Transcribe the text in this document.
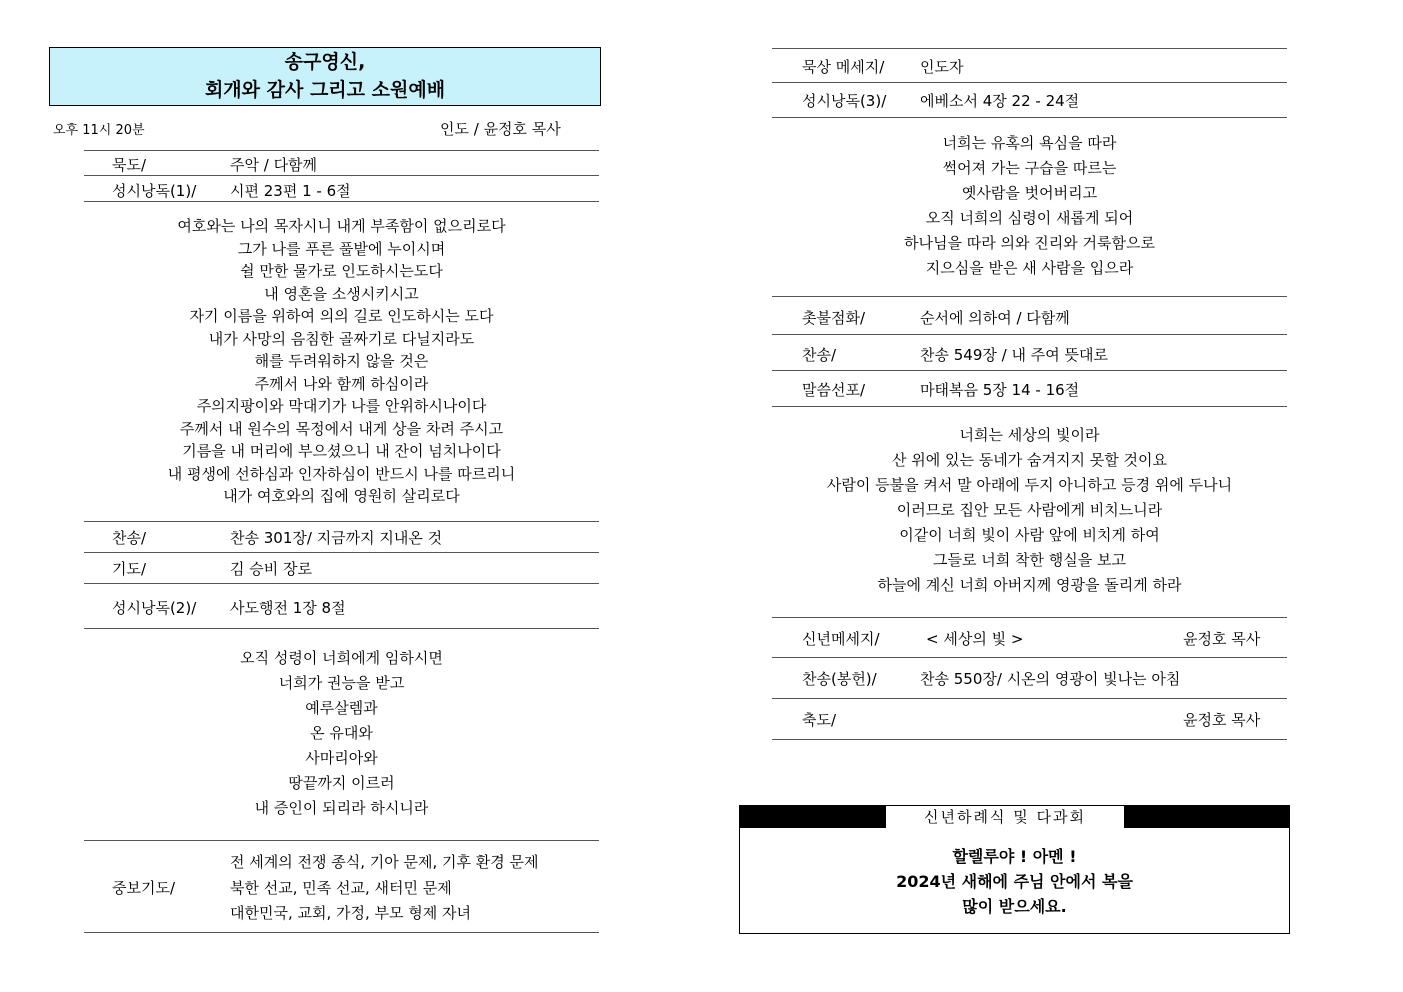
송구영신,
회개와 감사 그리고 소원예배
오후 11시 20분	인도 / 윤정호 목사
묵도/	주악 / 다함께
성시낭독(1)/ 시편 23편 1 - 6절
여호와는 나의 목자시니 내게 부족함이 없으리로다
그가 나를 푸른 풀밭에 누이시며
쉴 만한 물가로 인도하시는도다
내 영혼을 소생시키시고
자기 이름을 위하여 의의 길로 인도하시는 도다
내가 사망의 음침한 골짜기로 다닐지라도
해를 두려워하지 않을 것은
주께서 나와 함께 하심이라
주의지팡이와 막대기가 나를 안위하시나이다
주께서 내 원수의 목정에서 내게 상을 차려 주시고
기름을 내 머리에 부으셨으니 내 잔이 넘치나이다
내 평생에 선하심과 인자하심이 반드시 나를 따르리니
내가 여호와의 집에 영원히 살리로다
찬송/	찬송 301장/ 지금까지 지내온 것
기도/	김 승비 장로
성시낭독(2)/ 사도행전 1장 8절
오직 성령이 너희에게 임하시면
너희가 권능을 받고
예루살렘과
온 유대와
사마리아와
땅끝까지 이르러
내 증인이 되리라 하시니라
중보기도/
전 세계의 전쟁 종식, 기아 문제, 기후 환경 문제
북한 선교, 민족 선교, 새터민 문제
대한민국, 교회, 가정, 부모 형제 자녀
묵상 메세지/ 인도자
성시낭독(3)/ 에베소서 4장 22 - 24절
너희는 유혹의 욕심을 따라
썩어져 가는 구습을 따르는
옛사람을 벗어버리고
오직 너희의 심령이 새롭게 되어
하나님을 따라 의와 진리와 거룩함으로
지으심을 받은 새 사람을 입으라
촛불점화/	순서에 의하여 / 다함께
찬송/	찬송 549장 / 내 주여 뜻대로
말씀선포/	마태복음 5장 14 - 16절
너희는 세상의 빛이라
산 위에 있는 동네가 숨겨지지 못할 것이요
사람이 등불을 켜서 말 아래에 두지 아니하고 등경 위에 두나니
이러므로 집안 모든 사람에게 비치느니라
이같이 너희 빛이 사람 앞에 비치게 하여
그들로 너희 착한 행실을 보고
하늘에 계신 너희 아버지께 영광을 돌리게 하라
신년메세지/	< 세상의 빛 >	윤정호 목사
찬송(봉헌)/	찬송 550장/ 시온의 영광이 빛나는 아침
축도/	윤정호 목사
신년하례식 및 다과회
할렐루야 ! 아멘 !
2024년 새해에 주님 안에서 복을
많이 받으세요.
